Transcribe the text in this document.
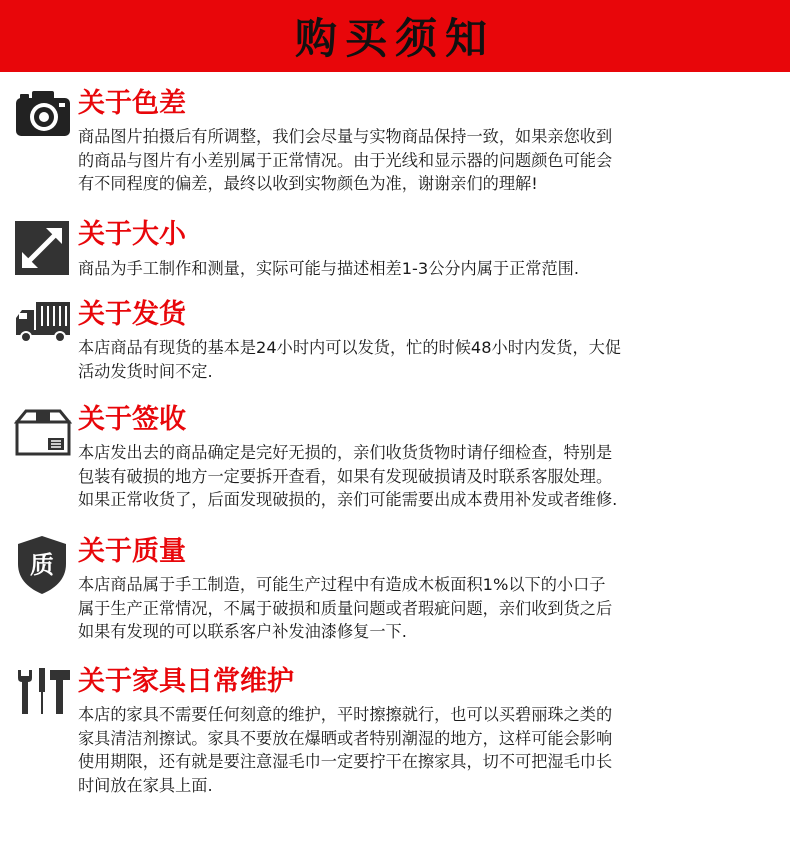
购买须知
关于色差
商品图片拍摄后有所调整，我们会尽量与实物商品保持一致，如果亲您收到
的商品与图片有小差别属于正常情况。由于光线和显示器的问题颜色可能会
有不同程度的偏差，最终以收到实物颜色为准，谢谢亲们的理解!
关于大小
商品为手工制作和测量，实际可能与描述相差1-3公分内属于正常范围.
关于发货
本店商品有现货的基本是24小时内可以发货，忙的时候48小时内发货，大促
活动发货时间不定.
关于签收
本店发出去的商品确定是完好无损的，亲们收货货物时请仔细检查，特别是
包装有破损的地方一定要拆开查看，如果有发现破损请及时联系客服处理。
如果正常收货了，后面发现破损的，亲们可能需要出成本费用补发或者维修.
质 关于质量
本店商品属于手工制造，可能生产过程中有造成木板面积1%以下的小口子
属于生产正常情况，不属于破损和质量问题或者瑕疵问题，亲们收到货之后
如果有发现的可以联系客户补发油漆修复一下.
关于家具日常维护
本店的家具不需要任何刻意的维护，平时擦擦就行，也可以买碧丽珠之类的
家具清洁剂擦试。家具不要放在爆晒或者特别潮湿的地方，这样可能会影响
使用期限，还有就是要注意湿毛巾一定要拧干在擦家具，切不可把湿毛巾长
时间放在家具上面.
